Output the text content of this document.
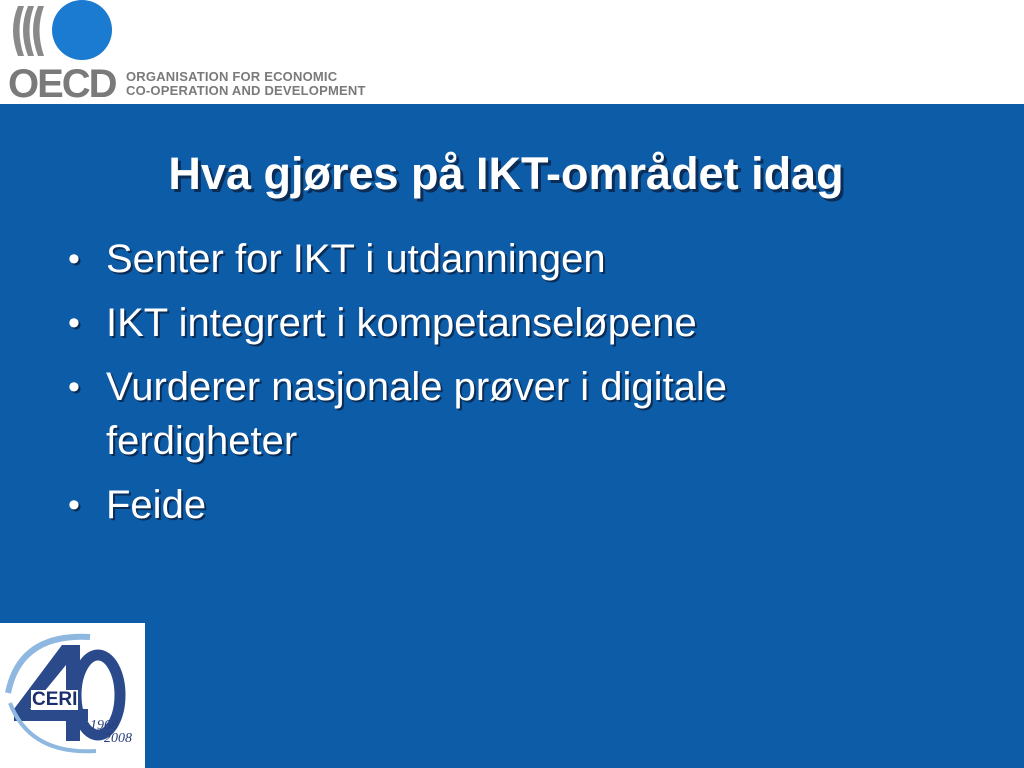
OECD ORGANISATION FOR ECONOMIC
CO-OPERATION AND DEVELOPMENT
Hva gjøres på IKT-området idag
• Senter for IKT i utdanningen
• IKT integrert i kompetanseløpene
• Vurderer nasjonale prøver i digitale ferdigheter
• Feide
CERI
1968
2008
